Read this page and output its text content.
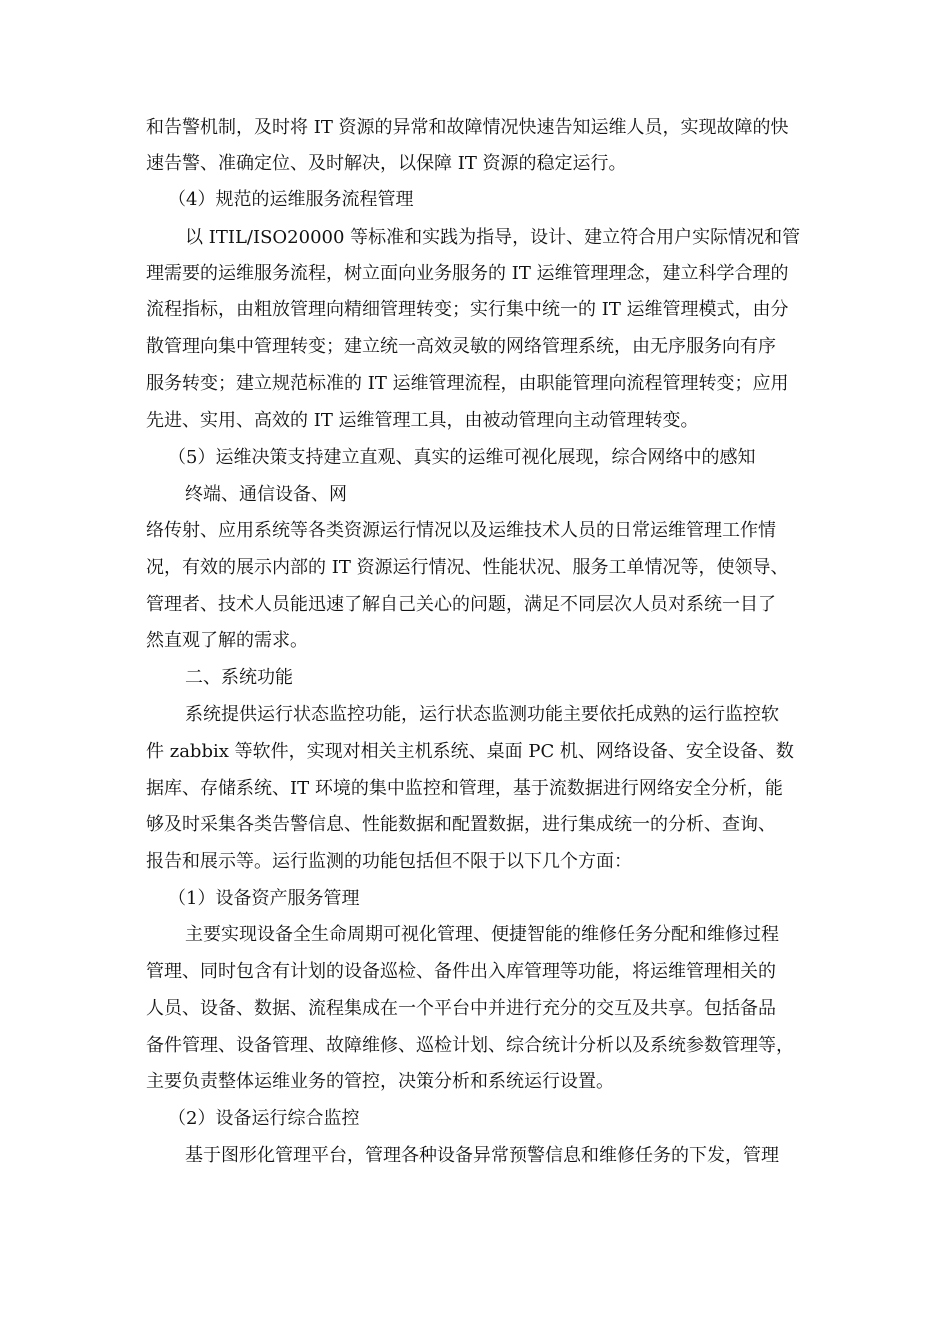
和告警机制，及时将 IT 资源的异常和故障情况快速告知运维人员，实现故障的快
速告警、准确定位、及时解决，以保障 IT 资源的稳定运行。
（4）规范的运维服务流程管理
以 ITIL/ISO20000 等标准和实践为指导，设计、建立符合用户实际情况和管
理需要的运维服务流程，树立面向业务服务的 IT 运维管理理念，建立科学合理的
流程指标，由粗放管理向精细管理转变；实行集中统一的 IT 运维管理模式，由分
散管理向集中管理转变；建立统一高效灵敏的网络管理系统，由无序服务向有序
服务转变；建立规范标准的 IT 运维管理流程，由职能管理向流程管理转变；应用
先进、实用、高效的 IT 运维管理工具，由被动管理向主动管理转变。
（5）运维决策支持建立直观、真实的运维可视化展现，综合网络中的感知
终端、通信设备、网
络传射、应用系统等各类资源运行情况以及运维技术人员的日常运维管理工作情
况，有效的展示内部的 IT 资源运行情况、性能状况、服务工单情况等，使领导、
管理者、技术人员能迅速了解自己关心的问题，满足不同层次人员对系统一目了
然直观了解的需求。
二、系统功能
系统提供运行状态监控功能，运行状态监测功能主要依托成熟的运行监控软
件 zabbix 等软件，实现对相关主机系统、桌面 PC 机、网络设备、安全设备、数
据库、存储系统、IT 环境的集中监控和管理，基于流数据进行网络安全分析，能
够及时采集各类告警信息、性能数据和配置数据，进行集成统一的分析、查询、
报告和展示等。运行监测的功能包括但不限于以下几个方面：
（1）设备资产服务管理
主要实现设备全生命周期可视化管理、便捷智能的维修任务分配和维修过程
管理、同时包含有计划的设备巡检、备件出入库管理等功能，将运维管理相关的
人员、设备、数据、流程集成在一个平台中并进行充分的交互及共享。包括备品
备件管理、设备管理、故障维修、巡检计划、综合统计分析以及系统参数管理等，
主要负责整体运维业务的管控，决策分析和系统运行设置。
（2）设备运行综合监控
基于图形化管理平台，管理各种设备异常预警信息和维修任务的下发，管理
